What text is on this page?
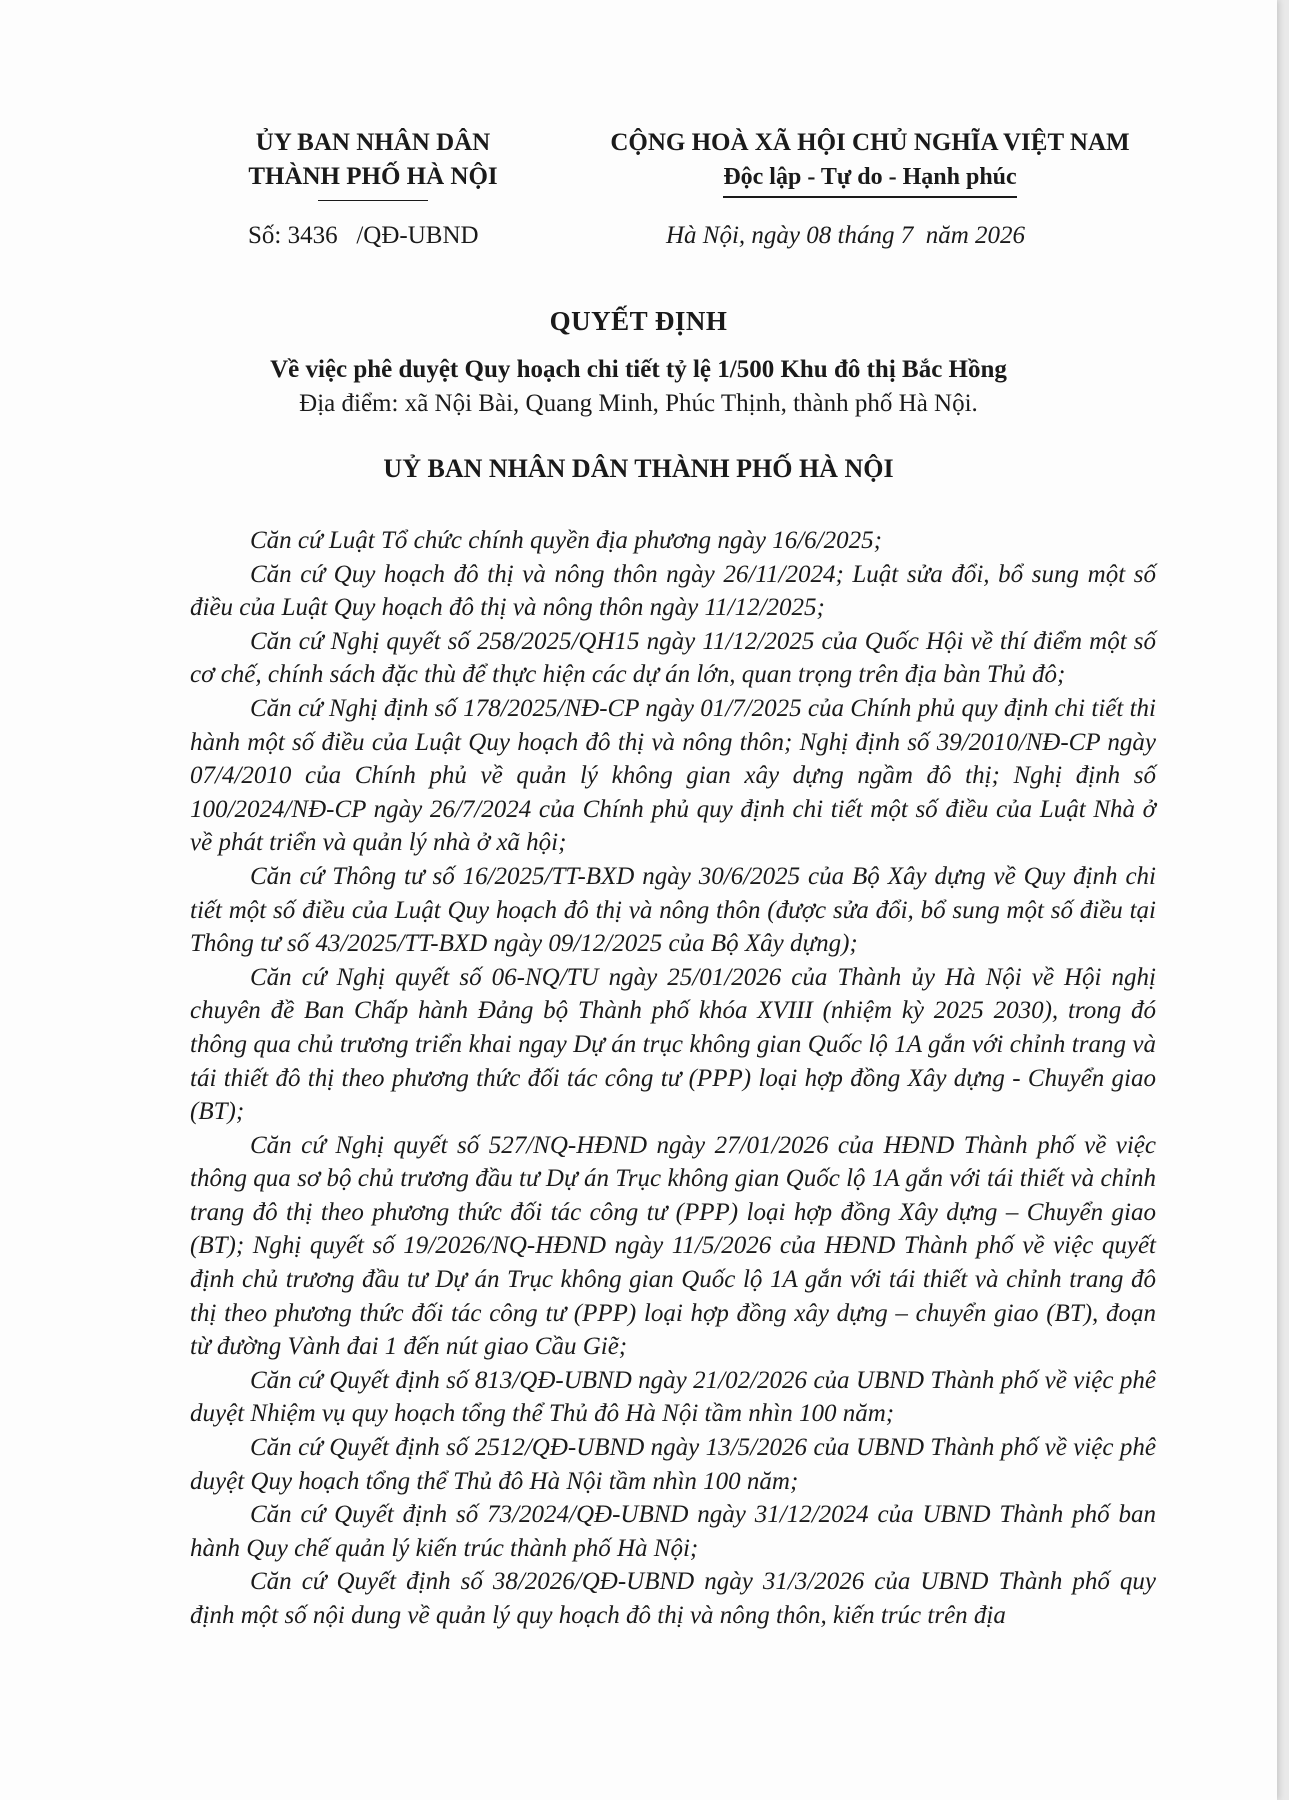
ỦY BAN NHÂN DÂN
THÀNH PHỐ HÀ NỘI
CỘNG HOÀ XÃ HỘI CHỦ NGHĨA VIỆT NAM
Độc lập - Tự do - Hạnh phúc
Số: 3436   /QĐ-UBND	Hà Nội, ngày 08 tháng 7  năm 2026
QUYẾT ĐỊNH
Về việc phê duyệt Quy hoạch chi tiết tỷ lệ 1/500 Khu đô thị Bắc Hồng
Địa điểm: xã Nội Bài, Quang Minh, Phúc Thịnh, thành phố Hà Nội.
UỶ BAN NHÂN DÂN THÀNH PHỐ HÀ NỘI

Căn cứ Luật Tổ chức chính quyền địa phương ngày 16/6/2025;

Căn cứ Quy hoạch đô thị và nông thôn ngày 26/11/2024; Luật sửa đổi, bổ sung một số điều của Luật Quy hoạch đô thị và nông thôn ngày 11/12/2025;

Căn cứ Nghị quyết số 258/2025/QH15 ngày 11/12/2025 của Quốc Hội về thí điểm một số cơ chế, chính sách đặc thù để thực hiện các dự án lớn, quan trọng trên địa bàn Thủ đô;

Căn cứ Nghị định số 178/2025/NĐ-CP ngày 01/7/2025 của Chính phủ quy định chi tiết thi hành một số điều của Luật Quy hoạch đô thị và nông thôn; Nghị định số 39/2010/NĐ-CP ngày 07/4/2010 của Chính phủ về quản lý không gian xây dựng ngầm đô thị; Nghị định số 100/2024/NĐ-CP ngày 26/7/2024 của Chính phủ quy định chi tiết một số điều của Luật Nhà ở về phát triển và quản lý nhà ở xã hội;

Căn cứ Thông tư số 16/2025/TT-BXD ngày 30/6/2025 của Bộ Xây dựng về Quy định chi tiết một số điều của Luật Quy hoạch đô thị và nông thôn (được sửa đổi, bổ sung một số điều tại Thông tư số 43/2025/TT-BXD ngày 09/12/2025 của Bộ Xây dựng);

Căn cứ Nghị quyết số 06-NQ/TU ngày 25/01/2026 của Thành ủy Hà Nội về Hội nghị chuyên đề Ban Chấp hành Đảng bộ Thành phố khóa XVIII (nhiệm kỳ 2025 2030), trong đó thông qua chủ trương triển khai ngay Dự án trục không gian Quốc lộ 1A gắn với chỉnh trang và tái thiết đô thị theo phương thức đối tác công tư (PPP) loại hợp đồng Xây dựng - Chuyển giao (BT);

Căn cứ Nghị quyết số 527/NQ-HĐND ngày 27/01/2026 của HĐND Thành phố về việc thông qua sơ bộ chủ trương đầu tư Dự án Trục không gian Quốc lộ 1A gắn với tái thiết và chỉnh trang đô thị theo phương thức đối tác công tư (PPP) loại hợp đồng Xây dựng – Chuyển giao (BT); Nghị quyết số 19/2026/NQ-HĐND ngày 11/5/2026 của HĐND Thành phố về việc quyết định chủ trương đầu tư Dự án Trục không gian Quốc lộ 1A gắn với tái thiết và chỉnh trang đô thị theo phương thức đối tác công tư (PPP) loại hợp đồng xây dựng – chuyển giao (BT), đoạn từ đường Vành đai 1 đến nút giao Cầu Giẽ;

Căn cứ Quyết định số 813/QĐ-UBND ngày 21/02/2026 của UBND Thành phố về việc phê duyệt Nhiệm vụ quy hoạch tổng thể Thủ đô Hà Nội tầm nhìn 100 năm;

Căn cứ Quyết định số 2512/QĐ-UBND ngày 13/5/2026 của UBND Thành phố về việc phê duyệt Quy hoạch tổng thể Thủ đô Hà Nội tầm nhìn 100 năm;

Căn cứ Quyết định số 73/2024/QĐ-UBND ngày 31/12/2024 của UBND Thành phố ban hành Quy chế quản lý kiến trúc thành phố Hà Nội;

Căn cứ Quyết định số 38/2026/QĐ-UBND ngày 31/3/2026 của UBND Thành phố quy định một số nội dung về quản lý quy hoạch đô thị và nông thôn, kiến trúc trên địa
